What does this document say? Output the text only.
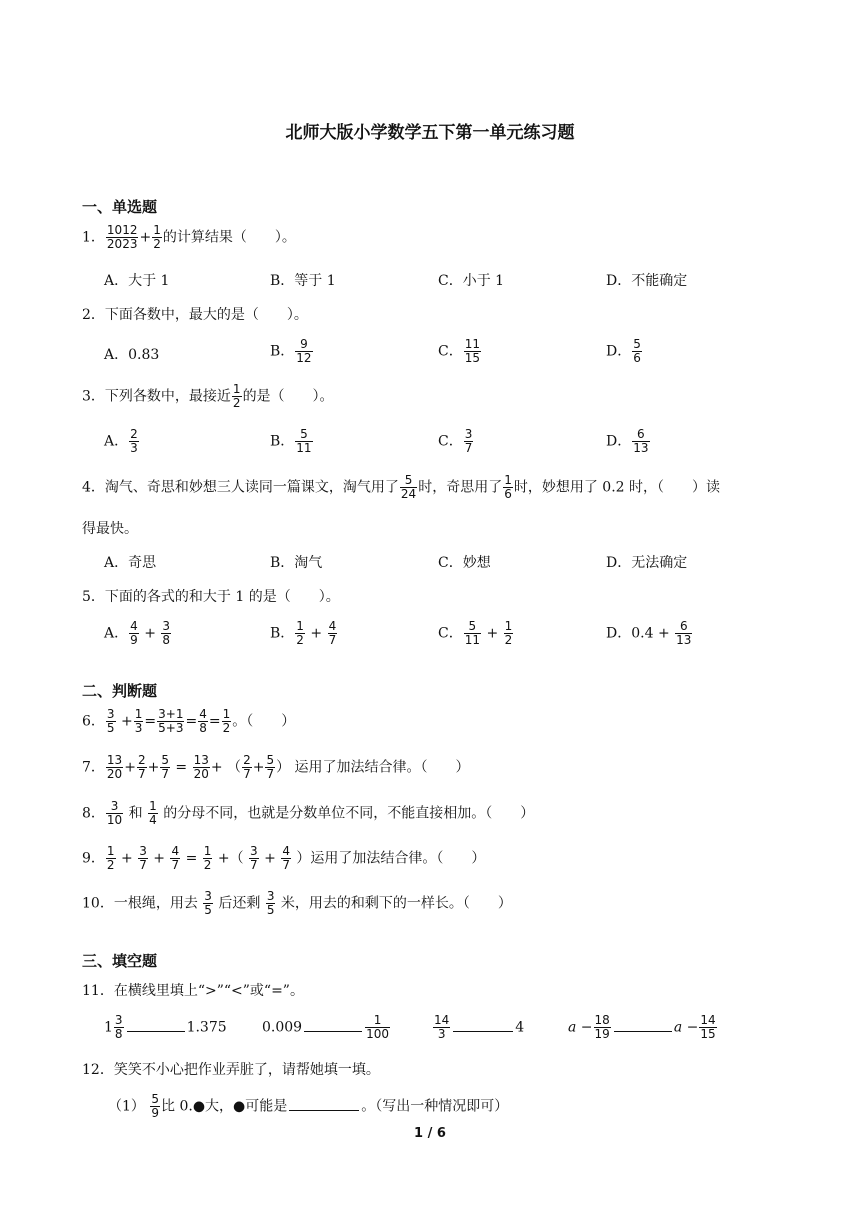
北师大版小学数学五下第一单元练习题
一、单选题
1． $\frac{1012}{2023} + \frac{1}{2}$ 的计算结果（　　）。
A．大于 1	B．等于 1	C．小于 1	D．不能确定
2．下面各数中，最大的是（　　）。
A．0.83	B． $\frac{9}{12}$	C． $\frac{11}{15}$	D． $\frac{5}{6}$
3．下列各数中，最接近 $\frac{1}{2}$ 的是（　　）。
A． $\frac{2}{3}$	B． $\frac{5}{11}$	C． $\frac{3}{7}$	D． $\frac{6}{13}$
4．淘气、奇思和妙想三人读同一篇课文，淘气用了 $\frac{5}{24}$ 时，奇思用了 $\frac{1}{6}$ 时，妙想用了 0.2 时，（　　）读
得最快。
A．奇思	B．淘气	C．妙想	D．无法确定
5．下面的各式的和大于 1 的是（　　）。
A． $\frac{4}{9} + \frac{3}{8}$	B． $\frac{1}{2} + \frac{4}{7}$	C． $\frac{5}{11} + \frac{1}{2}$	D．$0.4 + \frac{6}{13}$
二、判断题
6． $\frac{3}{5} + \frac{1}{3} = \frac{3+1}{5+3} = \frac{4}{8} = \frac{1}{2}$ 。（　　）
7． $\frac{13}{20} + \frac{2}{7} + \frac{5}{7} = \frac{13}{20}$ + （ $\frac{2}{7} + \frac{5}{7}$ ） 运用了加法结合律。（　　）
8． $\frac{3}{10}$ 和 $\frac{1}{4}$ 的分母不同，也就是分数单位不同，不能直接相加。（　　）
9． $\frac{1}{2} + \frac{3}{7} + \frac{4}{7} = \frac{1}{2}$ +（ $\frac{3}{7} + \frac{4}{7}$ ）运用了加法结合律。（　　）
10．一根绳，用去 $\frac{3}{5}$ 后还剩 $\frac{3}{5}$ 米，用去的和剩下的一样长。（　　）
三、填空题
11．在横线里填上“>”“<”或“=”。
$1 \frac{3}{8}$	1.375	0.009	$\frac{1}{100}$	$\frac{14}{3}$	4	$a - \frac{18}{19}$	$a - \frac{14}{15}$
12．笑笑不小心把作业弄脏了，请帮她填一填。
$(1) \frac{5}{9}$ 比 0.●大，●可能是	。（写出一种情况即可）
1 / 6
